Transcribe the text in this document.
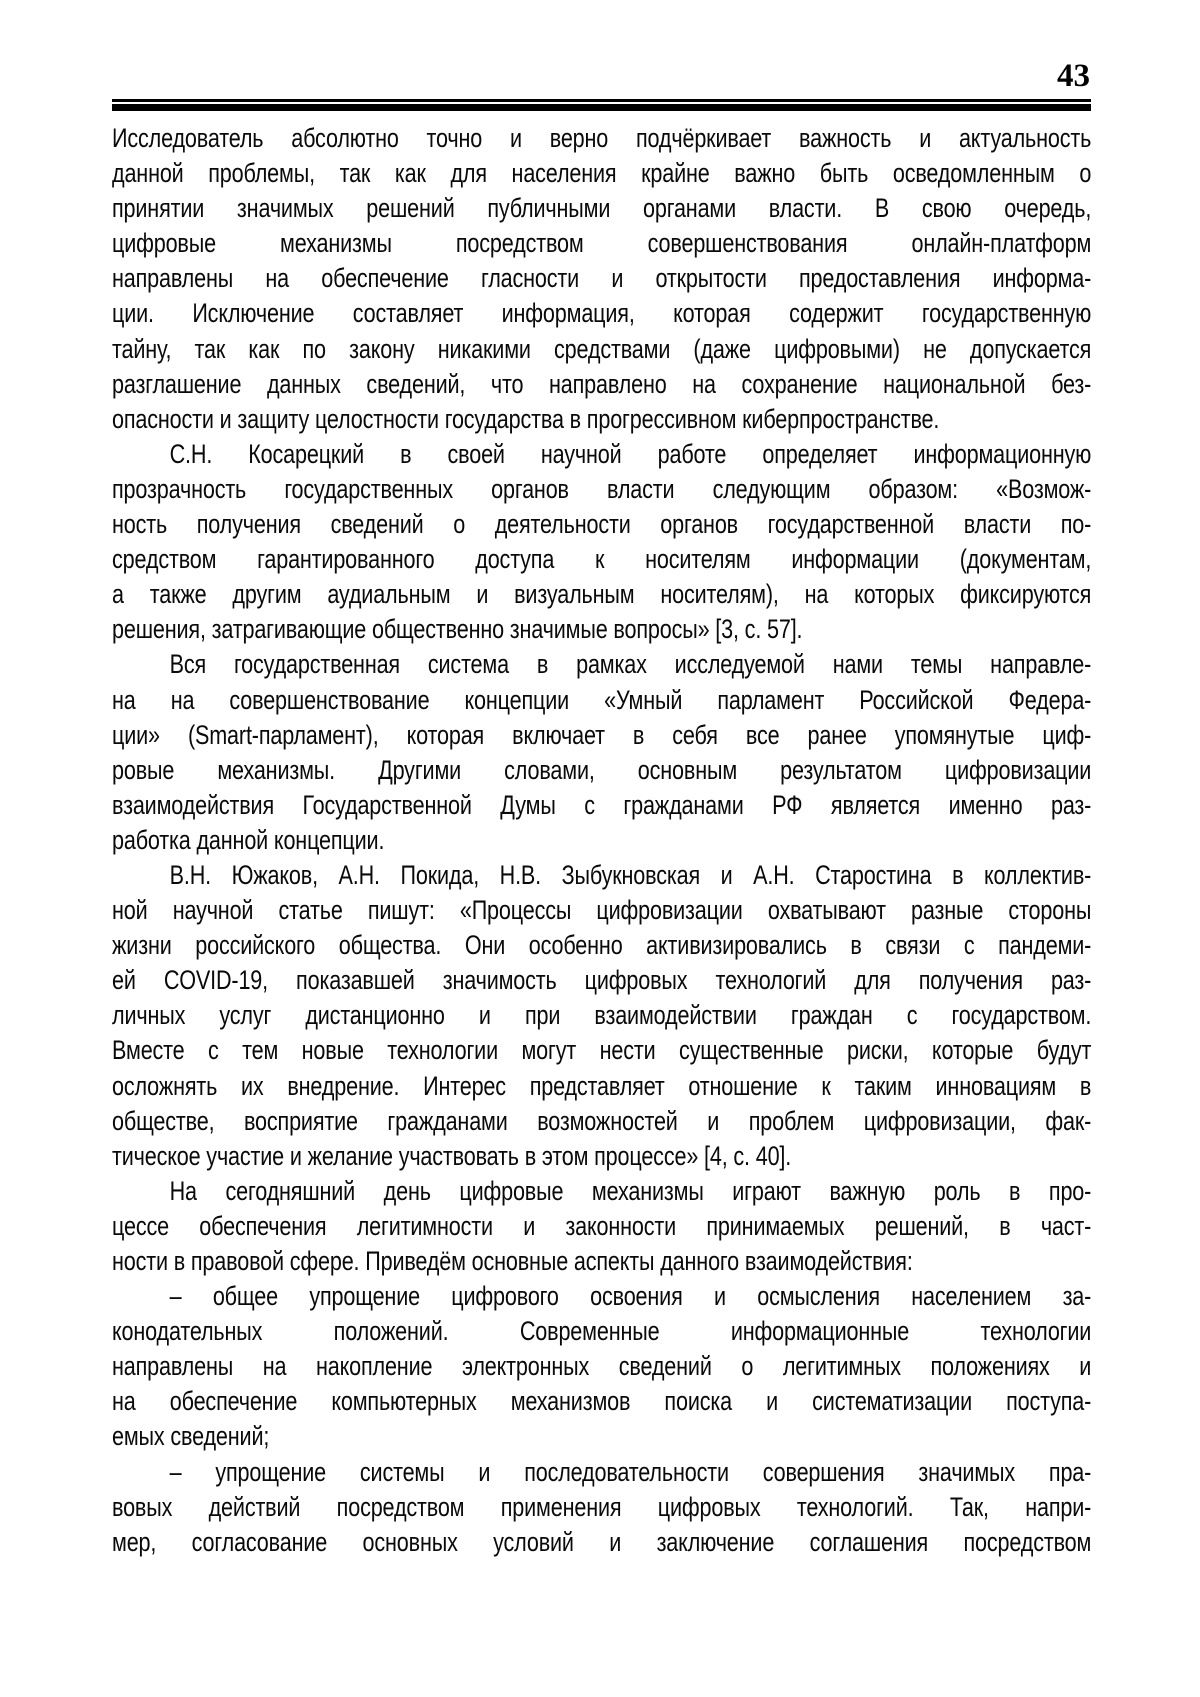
43
Исследователь абсолютно точно и верно подчёркивает важность и актуальность
данной проблемы, так как для населения крайне важно быть осведомленным о
принятии значимых решений публичными органами власти. В свою очередь,
цифровые механизмы посредством совершенствования онлайн-платформ
направлены на обеспечение гласности и открытости предоставления информа-
ции. Исключение составляет информация, которая содержит государственную
тайну, так как по закону никакими средствами (даже цифровыми) не допускается
разглашение данных сведений, что направлено на сохранение национальной без-
опасности и защиту целостности государства в прогрессивном киберпространстве.
С.Н. Косарецкий в своей научной работе определяет информационную
прозрачность государственных органов власти следующим образом: «Возмож-
ность получения сведений о деятельности органов государственной власти по-
средством гарантированного доступа к носителям информации (документам,
а также другим аудиальным и визуальным носителям), на которых фиксируются
решения, затрагивающие общественно значимые вопросы» [3, с. 57].
Вся государственная система в рамках исследуемой нами темы направле-
на на совершенствование концепции «Умный парламент Российской Федера-
ции» (Smart-парламент), которая включает в себя все ранее упомянутые циф-
ровые механизмы. Другими словами, основным результатом цифровизации
взаимодействия Государственной Думы с гражданами РФ является именно раз-
работка данной концепции.
В.Н. Южаков, А.Н. Покида, Н.В. Зыбукновская и А.Н. Старостина в коллектив-
ной научной статье пишут: «Процессы цифровизации охватывают разные стороны
жизни российского общества. Они особенно активизировались в связи с пандеми-
ей COVID-19, показавшей значимость цифровых технологий для получения раз-
личных услуг дистанционно и при взаимодействии граждан с государством.
Вместе с тем новые технологии могут нести существенные риски, которые будут
осложнять их внедрение. Интерес представляет отношение к таким инновациям в
обществе, восприятие гражданами возможностей и проблем цифровизации, фак-
тическое участие и желание участвовать в этом процессе» [4, с. 40].
На сегодняшний день цифровые механизмы играют важную роль в про-
цессе обеспечения легитимности и законности принимаемых решений, в част-
ности в правовой сфере. Приведём основные аспекты данного взаимодействия:
– общее упрощение цифрового освоения и осмысления населением за-
конодательных положений. Современные информационные технологии
направлены на накопление электронных сведений о легитимных положениях и
на обеспечение компьютерных механизмов поиска и систематизации поступа-
емых сведений;
– упрощение системы и последовательности совершения значимых пра-
вовых действий посредством применения цифровых технологий. Так, напри-
мер, согласование основных условий и заключение соглашения посредством
